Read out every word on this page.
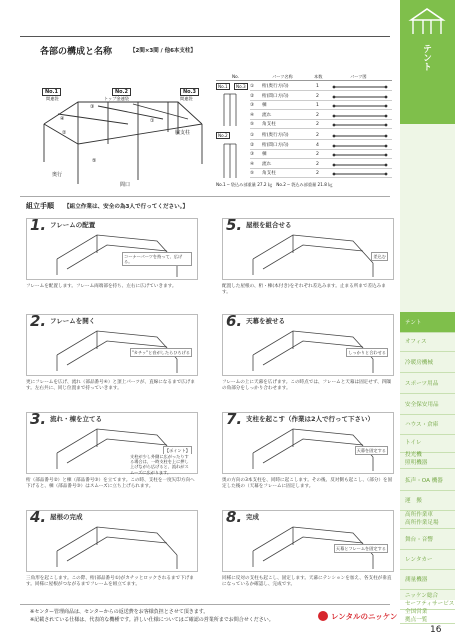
テント
テント
オフィス
冷暖房機械
スポーツ用品
安全保安用品
ハウス・倉庫
トイレ
投光機
照明機器
拡声・OA 機器
運　搬
高所作業車
高所作業足場
舞台・音響
レンタカー
測量機器
ニッケン総合
セーフティサービス
全国営業
拠点一覧
各部の構成と名称	【2間×3間 / 他6本支柱】
No.1
間連袋
No.2
トップ金連袋
No.3
間連袋
③
④
②
①
⑤
脇支柱
奥行
間口
No.	パーツ名称	本数	パーツ図
No.1	No.3
No.2
① 桁(奥行方向)	1
② 桁(間口方向)	2
③ 棟	1
④ 流れ	2
⑤ 角支柱	2
① 桁(奥行方向)	2
② 桁(間口方向)	4
③ 棟	2
④ 流れ	2
⑤ 角支柱	2
No.1 ─ 袋込み部重量 27.2 ㎏　No.2 ─ 袋込み部重量 21.8 ㎏
組立手順 【組立作業は、安全の為3人で行ってください。】
1. フレームの配置
コーナーパーツを持って、広げる。
フレームを配置します。フレーム両端部を持ち、左右に広げていきます。
2. フレームを開く
"カチッ"と音がしたらひろげる
更にフレームを広げ、流れ（部品番号④）と頂上パーツが、直線になるまで広げます。左右共に、同じ位置まで持っていきます。
3. 流れ・棟を立てる
【ポイント】
支柱が少し外側に広がったりする場合は、一時支柱を上に押し上げながら広げると、流れがスムーズに広がります。
桁（部品番号②）と棟（部品番号③）を立てます。この時、支柱を一度矢印方向へ下げると、棟（部品番号③）はスムーズに立ち上げられます。
4. 屋根の完成
三角形を起こします。この際、桁(部品番号①)がカチッとロックされるまで下げます。同様に屋根がつながるまでフレームを組立てます。
5. 屋根を組合せる
差込む
配置した屋根の、桁・棟(本付き)をそれぞれ差込みます。止まる所まで差込みます。
6. 天幕を被せる
しっかりと合わせる
フレームの上に天幕を広げます。この時点では、フレームと天幕は固定せず、四隅の角部分をしっかり合わせます。
7. 支柱を起こす（作業は2人で行って下さい）
天幕を固定する
奥の方向の3本支柱を、同時に起こします。その後、反対側も起こし、（部分）を固定した後の（天幕をフレームに固定します。
8. 完成
天幕とフレームを固定する
同様に反対の支柱も起こし、固定します。天幕にテンションを加え、各支柱が垂直になっているか確認し、完成です。
※センター管理商品は、センターからの返送費をお客様負担とさせて頂きます。
※記載されている仕様は、代表的な機種です。詳しい仕様についてはご確認の営業所までお問合せください。	レンタルのニッケン
16
